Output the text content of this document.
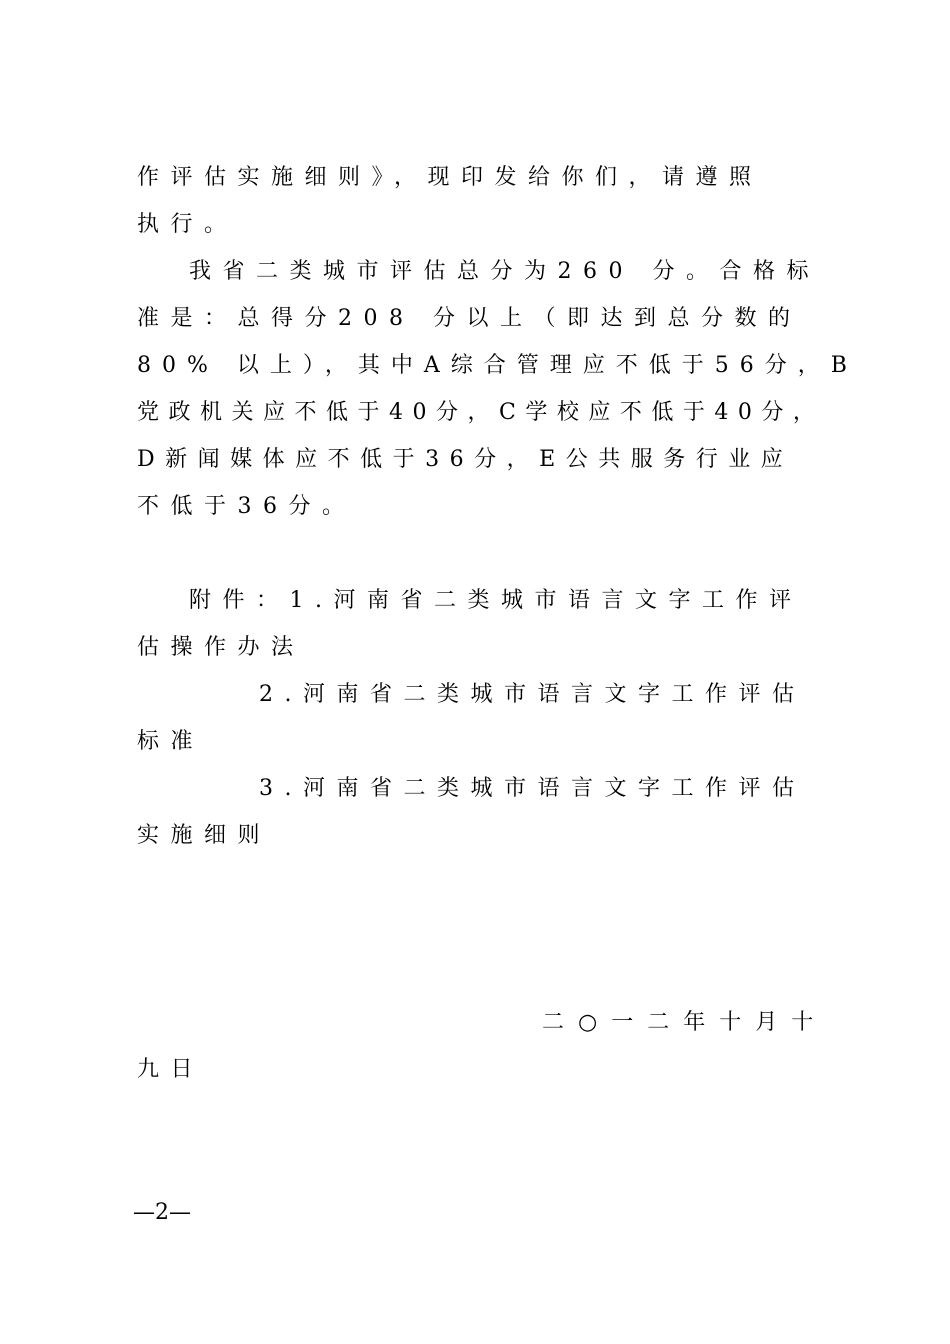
作评估实施细则》，现印发给你们，请遵照

执行。

我省二类城市评估总分为260 分。合格标

准是：总得分208 分以上（即达到总分数的

80% 以上），其中A综合管理应不低于56分，B

党政机关应不低于40分，C学校应不低于40分，

D新闻媒体应不低于36分，E公共服务行业应

不低于36分。

附件：1.河南省二类城市语言文字工作评

估操作办法

2.河南省二类城市语言文字工作评估

标准

3.河南省二类城市语言文字工作评估

实施细则

二○一二年十月十

九日

—2—
